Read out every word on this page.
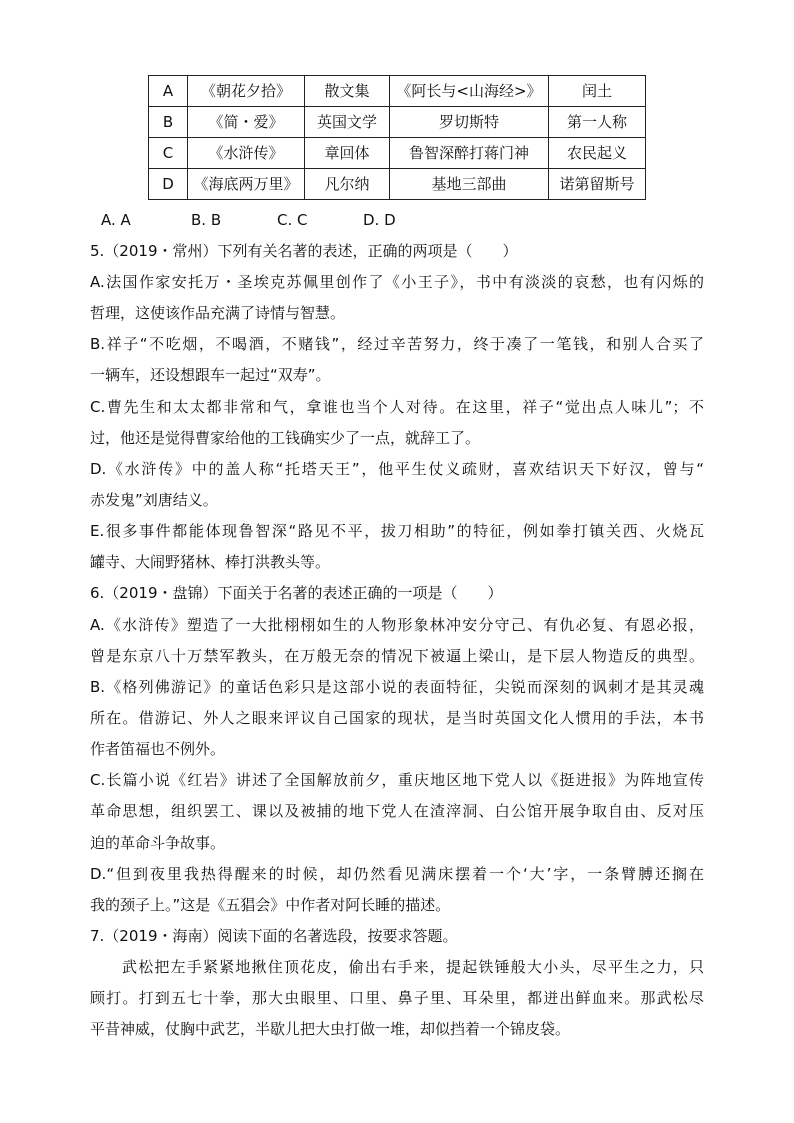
A	《朝花夕拾》	散文集	《阿长与<山海经>》	闰土
B	《简・爱》	英国文学	罗切斯特	第一人称
C	《水浒传》	章回体	鲁智深醉打蒋门神	农民起义
D	《海底两万里》	凡尔纳	基地三部曲	诺第留斯号
A. A	B. B	C. C	D. D
5.（2019・常州）下列有关名著的表述，正确的两项是（　　）
A.法国作家安托万・圣埃克苏佩里创作了《小王子》，书中有淡淡的哀愁，也有闪烁的
哲理，这使该作品充满了诗情与智慧。
B.祥子“不吃烟，不喝酒，不赌钱”，经过辛苦努力，终于凑了一笔钱，和别人合买了
一辆车，还设想跟车一起过“双寿”。
C.曹先生和太太都非常和气，拿谁也当个人对待。在这里，祥子“觉出点人味儿”；不
过，他还是觉得曹家给他的工钱确实少了一点，就辞工了。
D.《水浒传》中的盖人称“托塔天王”，他平生仗义疏财，喜欢结识天下好汉，曾与“
赤发鬼”刘唐结义。
E.很多事件都能体现鲁智深“路见不平，拔刀相助”的特征，例如拳打镇关西、火烧瓦
罐寺、大闹野猪林、棒打洪教头等。
6.（2019・盘锦）下面关于名著的表述正确的一项是（　　）
A.《水浒传》塑造了一大批栩栩如生的人物形象林冲安分守己、有仇必复、有恩必报，
曾是东京八十万禁军教头，在万般无奈的情况下被逼上梁山，是下层人物造反的典型。
B.《格列佛游记》的童话色彩只是这部小说的表面特征，尖锐而深刻的讽刺才是其灵魂
所在。借游记、外人之眼来评议自己国家的现状，是当时英国文化人惯用的手法，本书
作者笛福也不例外。
C.长篇小说《红岩》讲述了全国解放前夕，重庆地区地下党人以《挺进报》为阵地宣传
革命思想，组织罢工、课以及被捕的地下党人在渣滓洞、白公馆开展争取自由、反对压
迫的革命斗争故事。
D.“但到夜里我热得醒来的时候，却仍然看见满床摆着一个‘大’字，一条臂膊还搁在
我的颈子上。”这是《五猖会》中作者对阿长睡的描述。
7.（2019・海南）阅读下面的名著选段，按要求答题。
武松把左手紧紧地揪住顶花皮，偷出右手来，提起铁锤般大小头，尽平生之力，只
顾打。打到五七十拳，那大虫眼里、口里、鼻子里、耳朵里，都迸出鲜血来。那武松尽
平昔神威，仗胸中武艺，半歇儿把大虫打做一堆，却似挡着一个锦皮袋。
